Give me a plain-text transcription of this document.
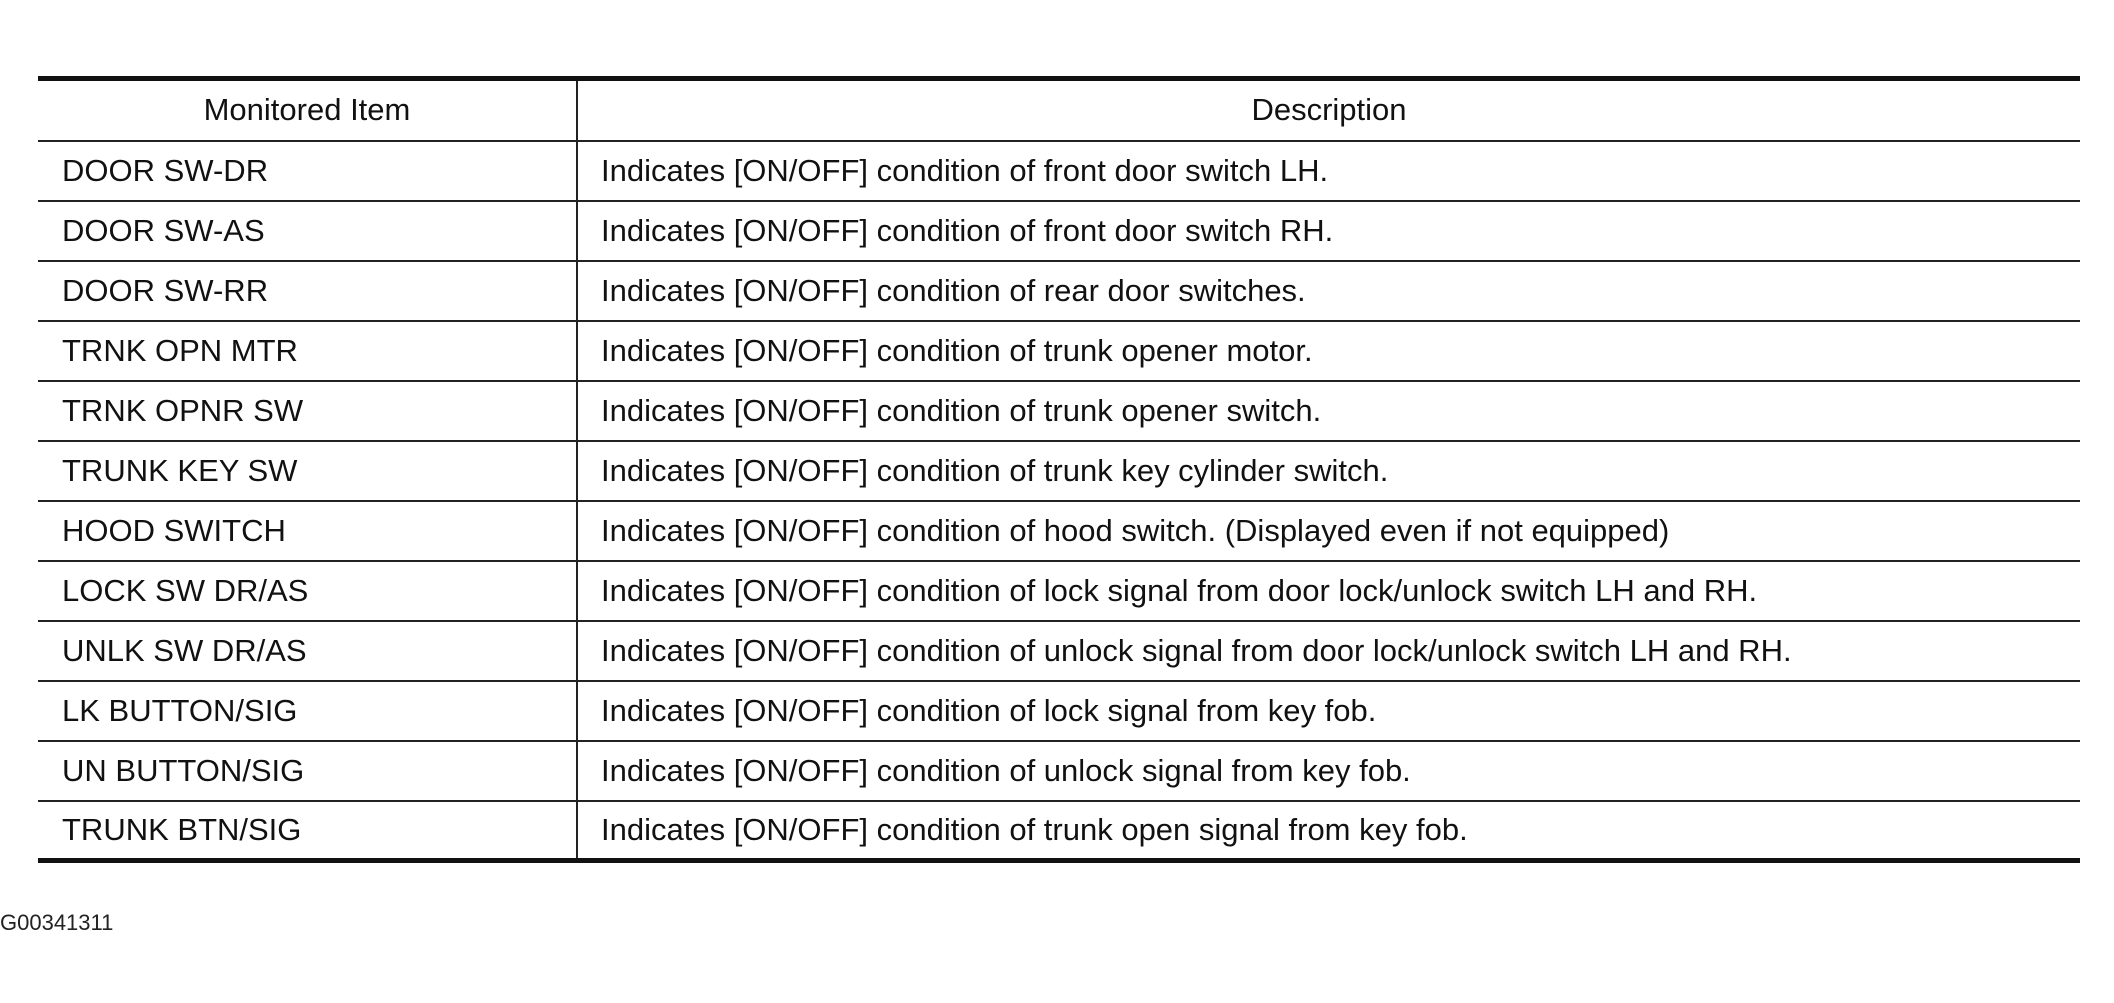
Monitored Item	Description
DOOR SW-DR	Indicates [ON/OFF] condition of front door switch LH.
DOOR SW-AS	Indicates [ON/OFF] condition of front door switch RH.
DOOR SW-RR	Indicates [ON/OFF] condition of rear door switches.
TRNK OPN MTR	Indicates [ON/OFF] condition of trunk opener motor.
TRNK OPNR SW	Indicates [ON/OFF] condition of trunk opener switch.
TRUNK KEY SW	Indicates [ON/OFF] condition of trunk key cylinder switch.
HOOD SWITCH	Indicates [ON/OFF] condition of hood switch. (Displayed even if not equipped)
LOCK SW DR/AS	Indicates [ON/OFF] condition of lock signal from door lock/unlock switch LH and RH.
UNLK SW DR/AS	Indicates [ON/OFF] condition of unlock signal from door lock/unlock switch LH and RH.
LK BUTTON/SIG	Indicates [ON/OFF] condition of lock signal from key fob.
UN BUTTON/SIG	Indicates [ON/OFF] condition of unlock signal from key fob.
TRUNK BTN/SIG	Indicates [ON/OFF] condition of trunk open signal from key fob.
G00341311
